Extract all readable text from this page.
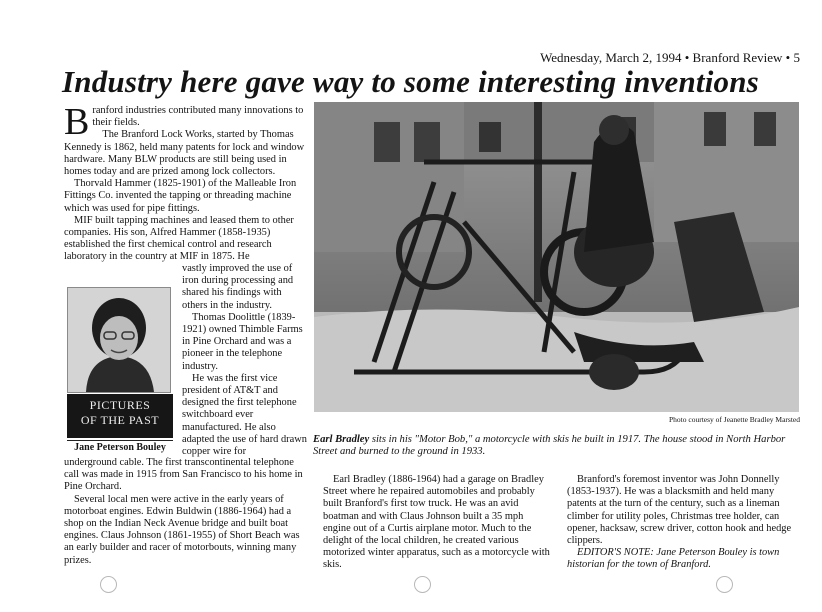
Wednesday, March 2, 1994 • Branford Review • 5
Industry here gave way to some interesting inventions

Branford industries contributed many innovations to their fields.

The Branford Lock Works, started by Thomas Kennedy is 1862, held many patents for lock and window hardware. Many BLW products are still being used in homes today and are prized among lock collectors.

Thorvald Hammer (1825-1901) of the Malleable Iron Fittings Co. invented the tapping or threading machine which was used for pipe fittings.

MIF built tapping machines and leased them to other companies. His son, Alfred Hammer (1858-1935) established the first chemical control and research laboratory in the country at MIF in 1875. He

PICTURES
OF THE PAST
Jane Peterson Bouley

vastly improved the use of iron during processing and shared his findings with others in the industry.

Thomas Doolittle (1839-1921) owned Thimble Farms in Pine Orchard and was a pioneer in the telephone industry.

He was the first vice president of AT&T and designed the first telephone switchboard ever manufactured. He also adapted the use of hard drawn copper wire for

underground cable. The first transcontinental telephone call was made in 1915 from San Francisco to his home in Pine Orchard.

Several local men were active in the early years of motorboat engines. Edwin Buldwin (1886-1964) had a shop on the Indian Neck Avenue bridge and built boat engines. Claus Johnson (1861-1955) of Short Beach was an early builder and racer of motorbouts, winning many prizes.

Photo courtesy of Jeanette Bradley Marsted
Earl Bradley sits in his "Motor Bob," a motorcycle with skis he built in 1917. The house stood in North Harbor Street and burned to the ground in 1933.

Earl Bradley (1886-1964) had a garage on Bradley Street where he repaired automobiles and probably built Branford's first tow truck. He was an avid boatman and with Claus Johnson built a 35 mph engine out of a Curtis airplane motor. Much to the delight of the local children, he created various motorized winter apparatus, such as a motorcycle with skis.

Branford's foremost inventor was John Donnelly (1853-1937). He was a blacksmith and held many patents at the turn of the century, such as a lineman climber for utility poles, Christmas tree holder, can opener, hacksaw, screw driver, cotton hook and hedge clippers.

EDITOR'S NOTE: Jane Peterson Bouley is town historian for the town of Branford.
